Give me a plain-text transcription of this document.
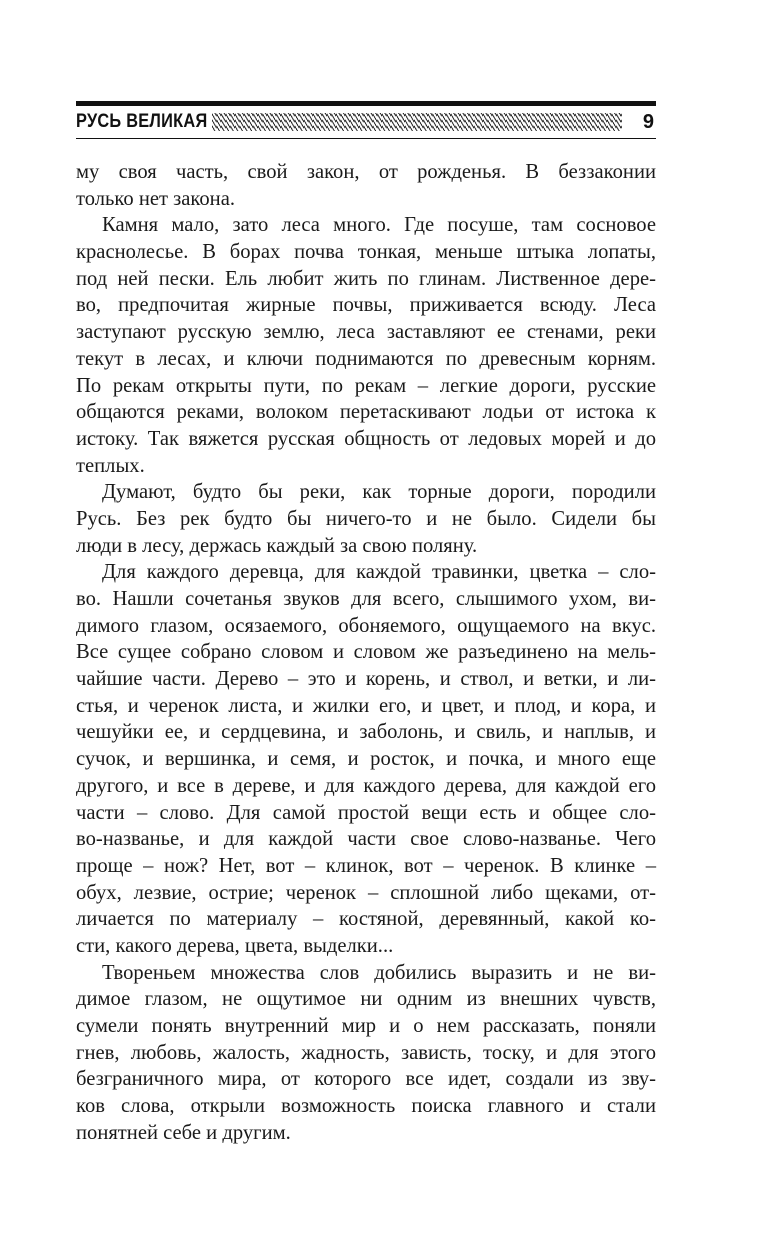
РУСЬ ВЕЛИКАЯ	9
му своя часть, свой закон, от рожденья. В беззаконии
только нет закона.
Камня мало, зато леса много. Где посуше, там сосновое
краснолесье. В борах почва тонкая, меньше штыка лопаты,
под ней пески. Ель любит жить по глинам. Лиственное дере-
во, предпочитая жирные почвы, приживается всюду. Леса
заступают русскую землю, леса заставляют ее стенами, реки
текут в лесах, и ключи поднимаются по древесным корням.
По рекам открыты пути, по рекам – легкие дороги, русские
общаются реками, волоком перетаскивают лодьи от истока к
истоку. Так вяжется русская общность от ледовых морей и до
теплых.
Думают, будто бы реки, как торные дороги, породили
Русь. Без рек будто бы ничего-то и не было. Сидели бы
люди в лесу, держась каждый за свою поляну.
Для каждого деревца, для каждой травинки, цветка – сло-
во. Нашли сочетанья звуков для всего, слышимого ухом, ви-
димого глазом, осязаемого, обоняемого, ощущаемого на вкус.
Все сущее собрано словом и словом же разъединено на мель-
чайшие части. Дерево – это и корень, и ствол, и ветки, и ли-
стья, и черенок листа, и жилки его, и цвет, и плод, и кора, и
чешуйки ее, и сердцевина, и заболонь, и свиль, и наплыв, и
сучок, и вершинка, и семя, и росток, и почка, и много еще
другого, и все в дереве, и для каждого дерева, для каждой его
части – слово. Для самой простой вещи есть и общее сло-
во-названье, и для каждой части свое слово-названье. Чего
проще – нож? Нет, вот – клинок, вот – черенок. В клинке –
обух, лезвие, острие; черенок – сплошной либо щеками, от-
личается по материалу – костяной, деревянный, какой ко-
сти, какого дерева, цвета, выделки...
Твореньем множества слов добились выразить и не ви-
димое глазом, не ощутимое ни одним из внешних чувств,
сумели понять внутренний мир и о нем рассказать, поняли
гнев, любовь, жалость, жадность, зависть, тоску, и для этого
безграничного мира, от которого все идет, создали из зву-
ков слова, открыли возможность поиска главного и стали
понятней себе и другим.
